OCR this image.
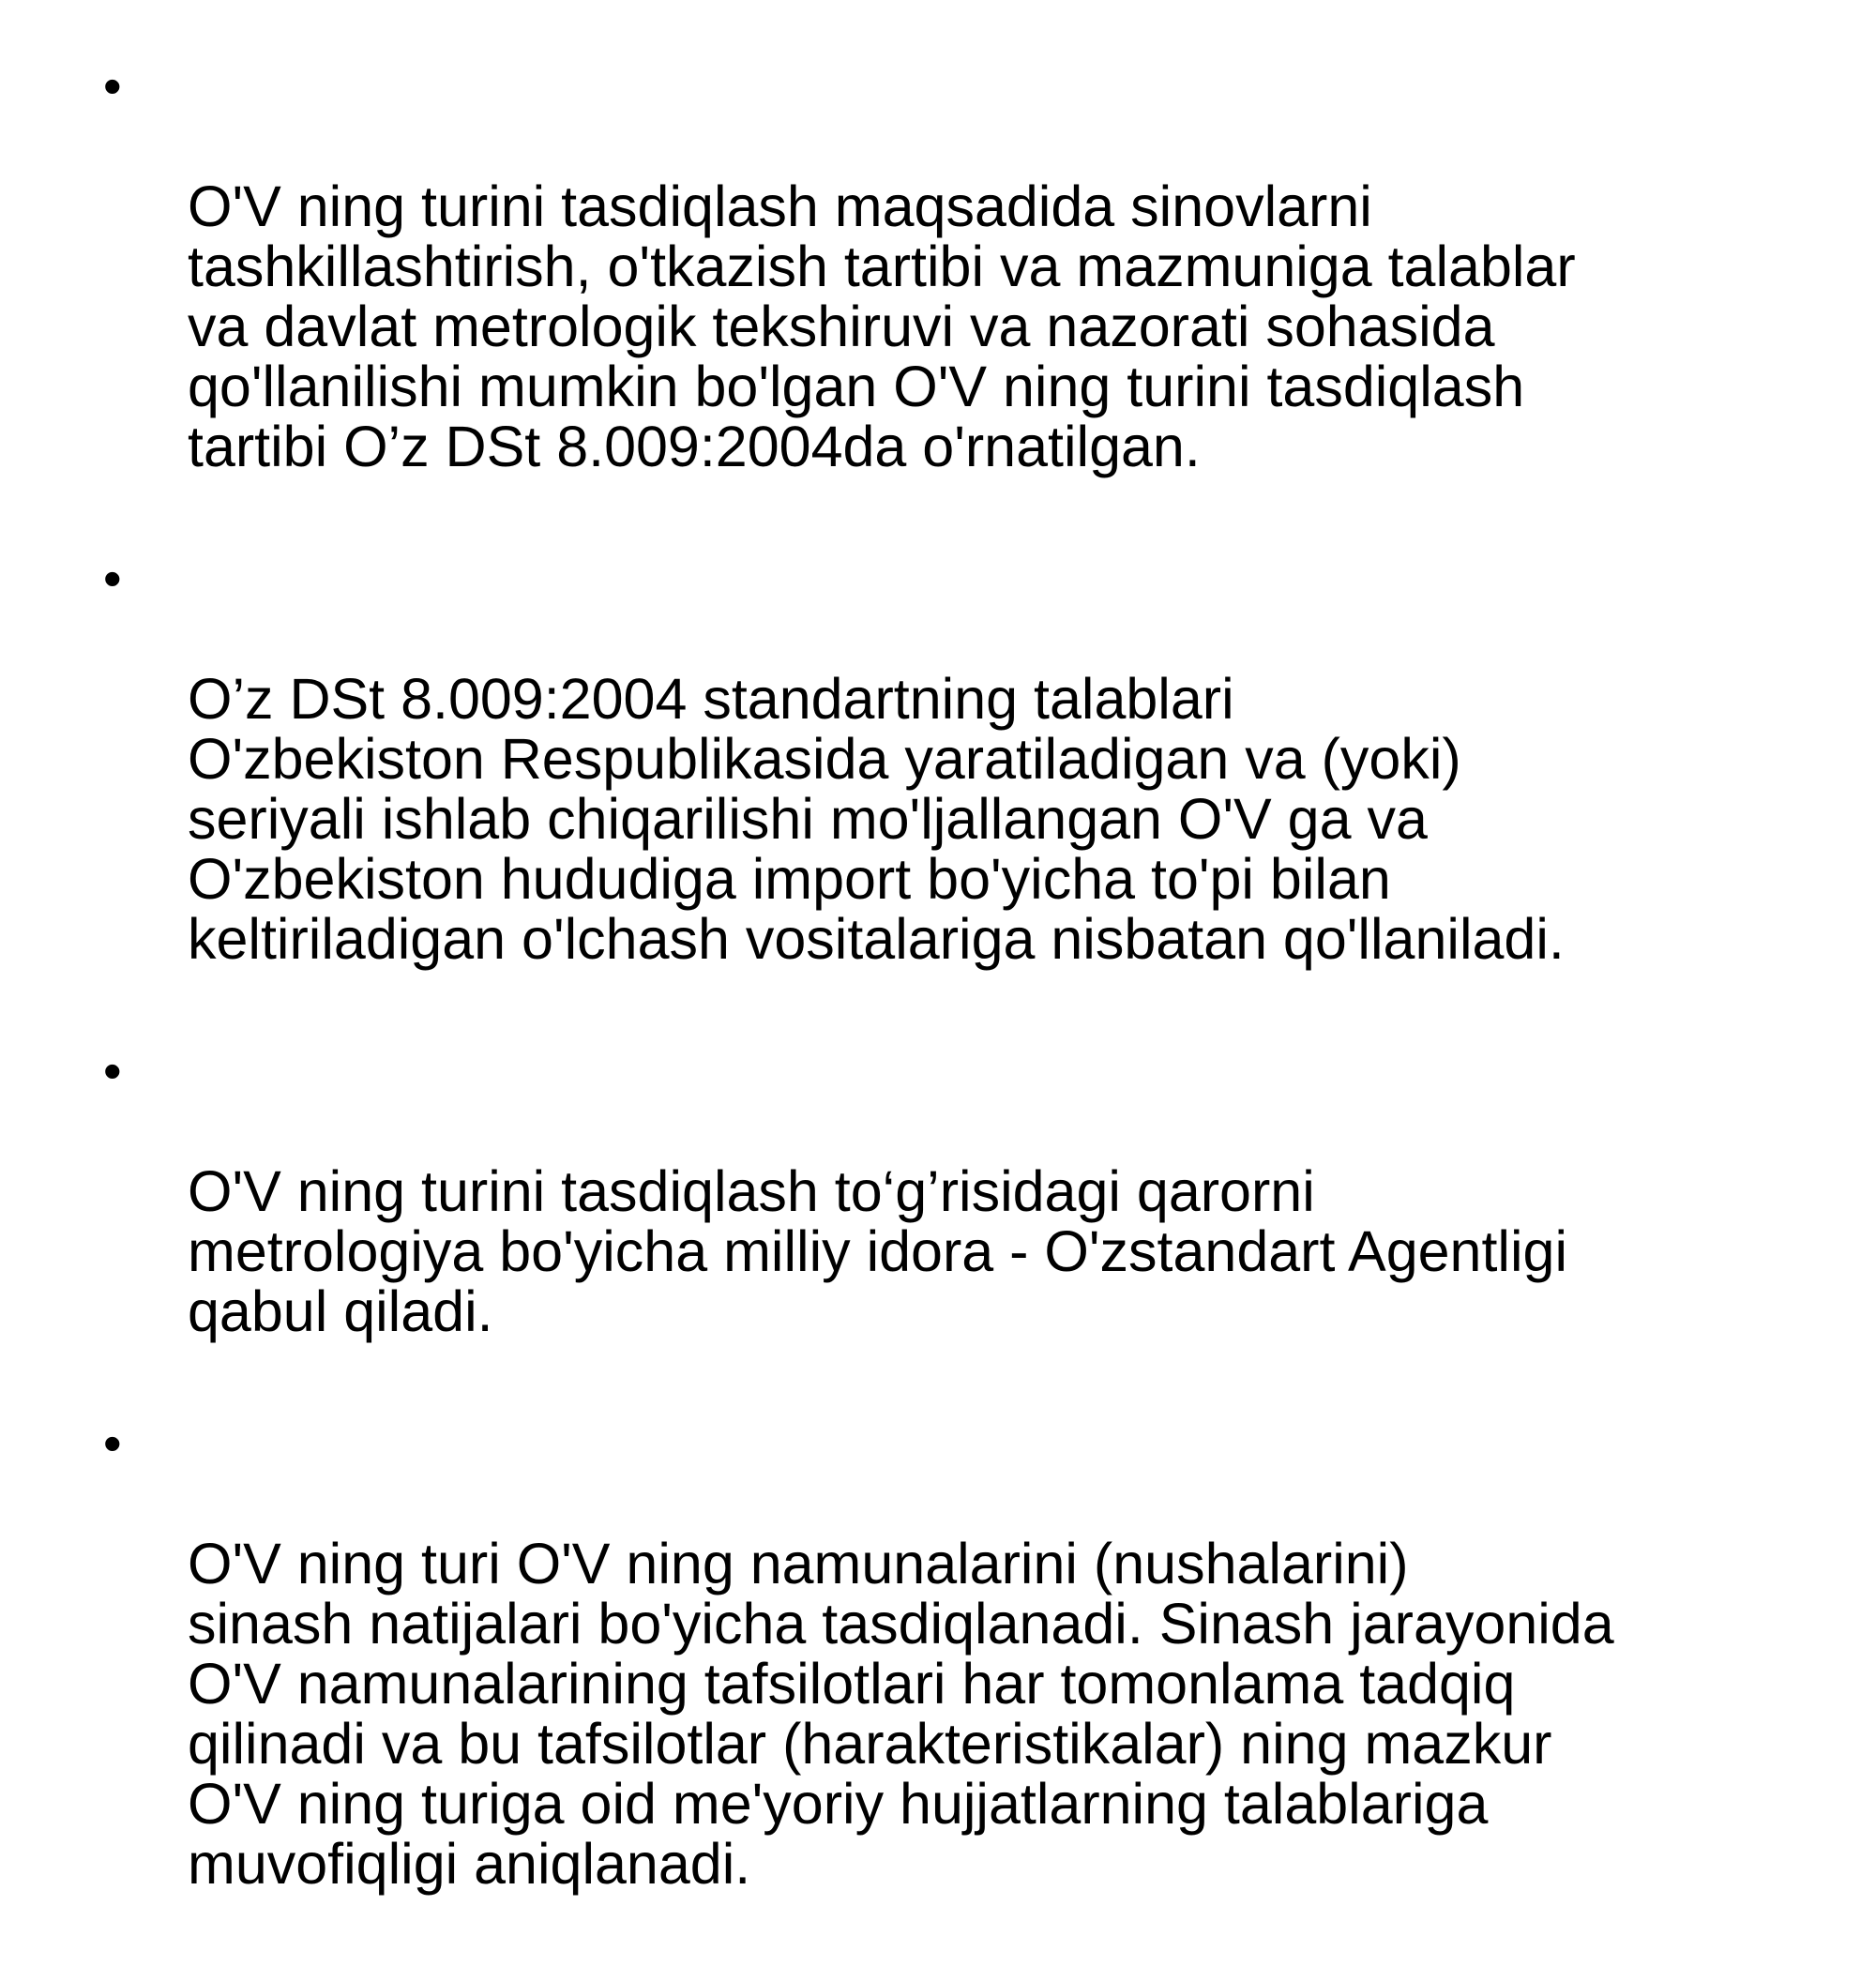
•

O'V ning turini tasdiqlash maqsadida sinovlarni
tashkillashtirish, o'tkazish tartibi va mazmuniga talablar
va davlat metrologik tekshiruvi va nazorati sohasida
qo'llanilishi mumkin bo'lgan O'V ning turini tasdiqlash
tartibi O’z DSt 8.009:2004da o'rnatilgan.

•

O’z DSt 8.009:2004 standartning talablari
O'zbekiston Respublikasida yaratiladigan va (yoki)
seriyali ishlab chiqarilishi mo'ljallangan O'V ga va
O'zbekiston hududiga import bo'yicha to'pi bilan
keltiriladigan o'lchash vositalariga nisbatan qo'llaniladi.

•

O'V ning turini tasdiqlash to‘g’risidagi qarorni
metrologiya bo'yicha milliy idora - O'zstandart Agentligi
qabul qiladi.

•

O'V ning turi O'V ning namunalarini (nushalarini)
sinash natijalari bo'yicha tasdiqlanadi. Sinash jarayonida
O'V namunalarining tafsilotlari har tomonlama tadqiq
qilinadi va bu tafsilotlar (harakteristikalar) ning mazkur
O'V ning turiga oid me'yoriy hujjatlarning talablariga
muvofiqligi aniqlanadi.
